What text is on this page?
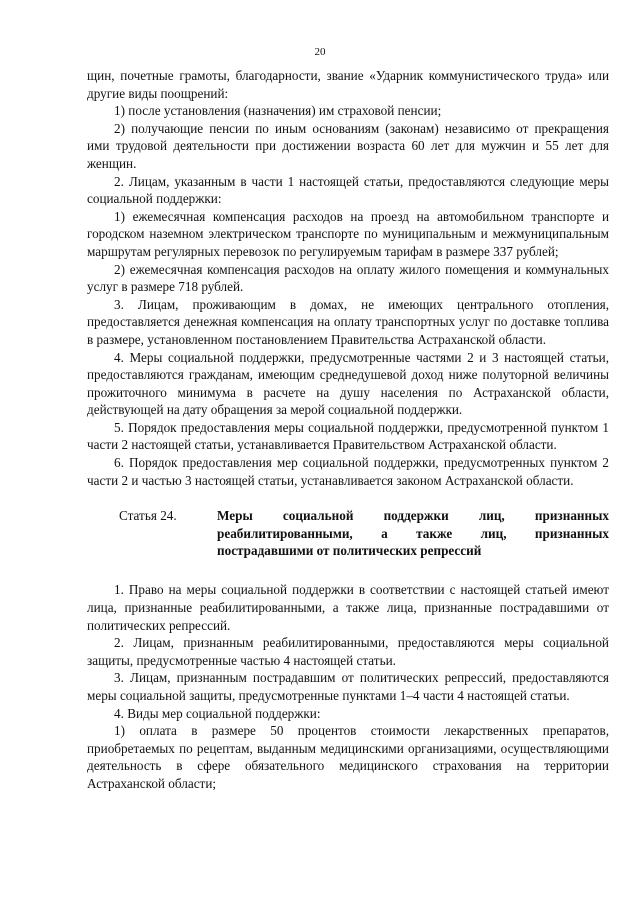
20

щин, почетные грамоты, благодарности, звание «Ударник коммунистического труда» или другие виды поощрений:

1) после установления (назначения) им страховой пенсии;

2) получающие пенсии по иным основаниям (законам) независимо от прекращения ими трудовой деятельности при достижении возраста 60 лет для мужчин и 55 лет для женщин.

2. Лицам, указанным в части 1 настоящей статьи, предоставляются следующие меры социальной поддержки:

1) ежемесячная компенсация расходов на проезд на автомобильном транспорте и городском наземном электрическом транспорте по муниципальным и межмуниципальным маршрутам регулярных перевозок по регулируемым тарифам в размере 337 рублей;

2) ежемесячная компенсация расходов на оплату жилого помещения и коммунальных услуг в размере 718 рублей.

3. Лицам, проживающим в домах, не имеющих центрального отопления, предоставляется денежная компенсация на оплату транспортных услуг по доставке топлива в размере, установленном постановлением Правительства Астраханской области.

4. Меры социальной поддержки, предусмотренные частями 2 и 3 настоящей статьи, предоставляются гражданам, имеющим среднедушевой доход ниже полуторной величины прожиточного минимума в расчете на душу населения по Астраханской области, действующей на дату обращения за мерой социальной поддержки.

5. Порядок предоставления меры социальной поддержки, предусмотренной пунктом 1 части 2 настоящей статьи, устанавливается Правительством Астраханской области.

6. Порядок предоставления мер социальной поддержки, предусмотренных пунктом 2 части 2 и частью 3 настоящей статьи, устанавливается законом Астраханской области.

Статья 24.	Меры социальной поддержки лиц, признанных
реабилитированными, а также лиц, признанных
пострадавшими от политических репрессий

1. Право на меры социальной поддержки в соответствии с настоящей статьей имеют лица, признанные реабилитированными, а также лица, признанные пострадавшими от политических репрессий.

2. Лицам, признанным реабилитированными, предоставляются меры социальной защиты, предусмотренные частью 4 настоящей статьи.

3. Лицам, признанным пострадавшим от политических репрессий, предоставляются меры социальной защиты, предусмотренные пунктами 1–4 части 4 настоящей статьи.

4. Виды мер социальной поддержки:

1) оплата в размере 50 процентов стоимости лекарственных препаратов, приобретаемых по рецептам, выданным медицинскими организациями, осуществляющими деятельность в сфере обязательного медицинского страхования на территории Астраханской области;
